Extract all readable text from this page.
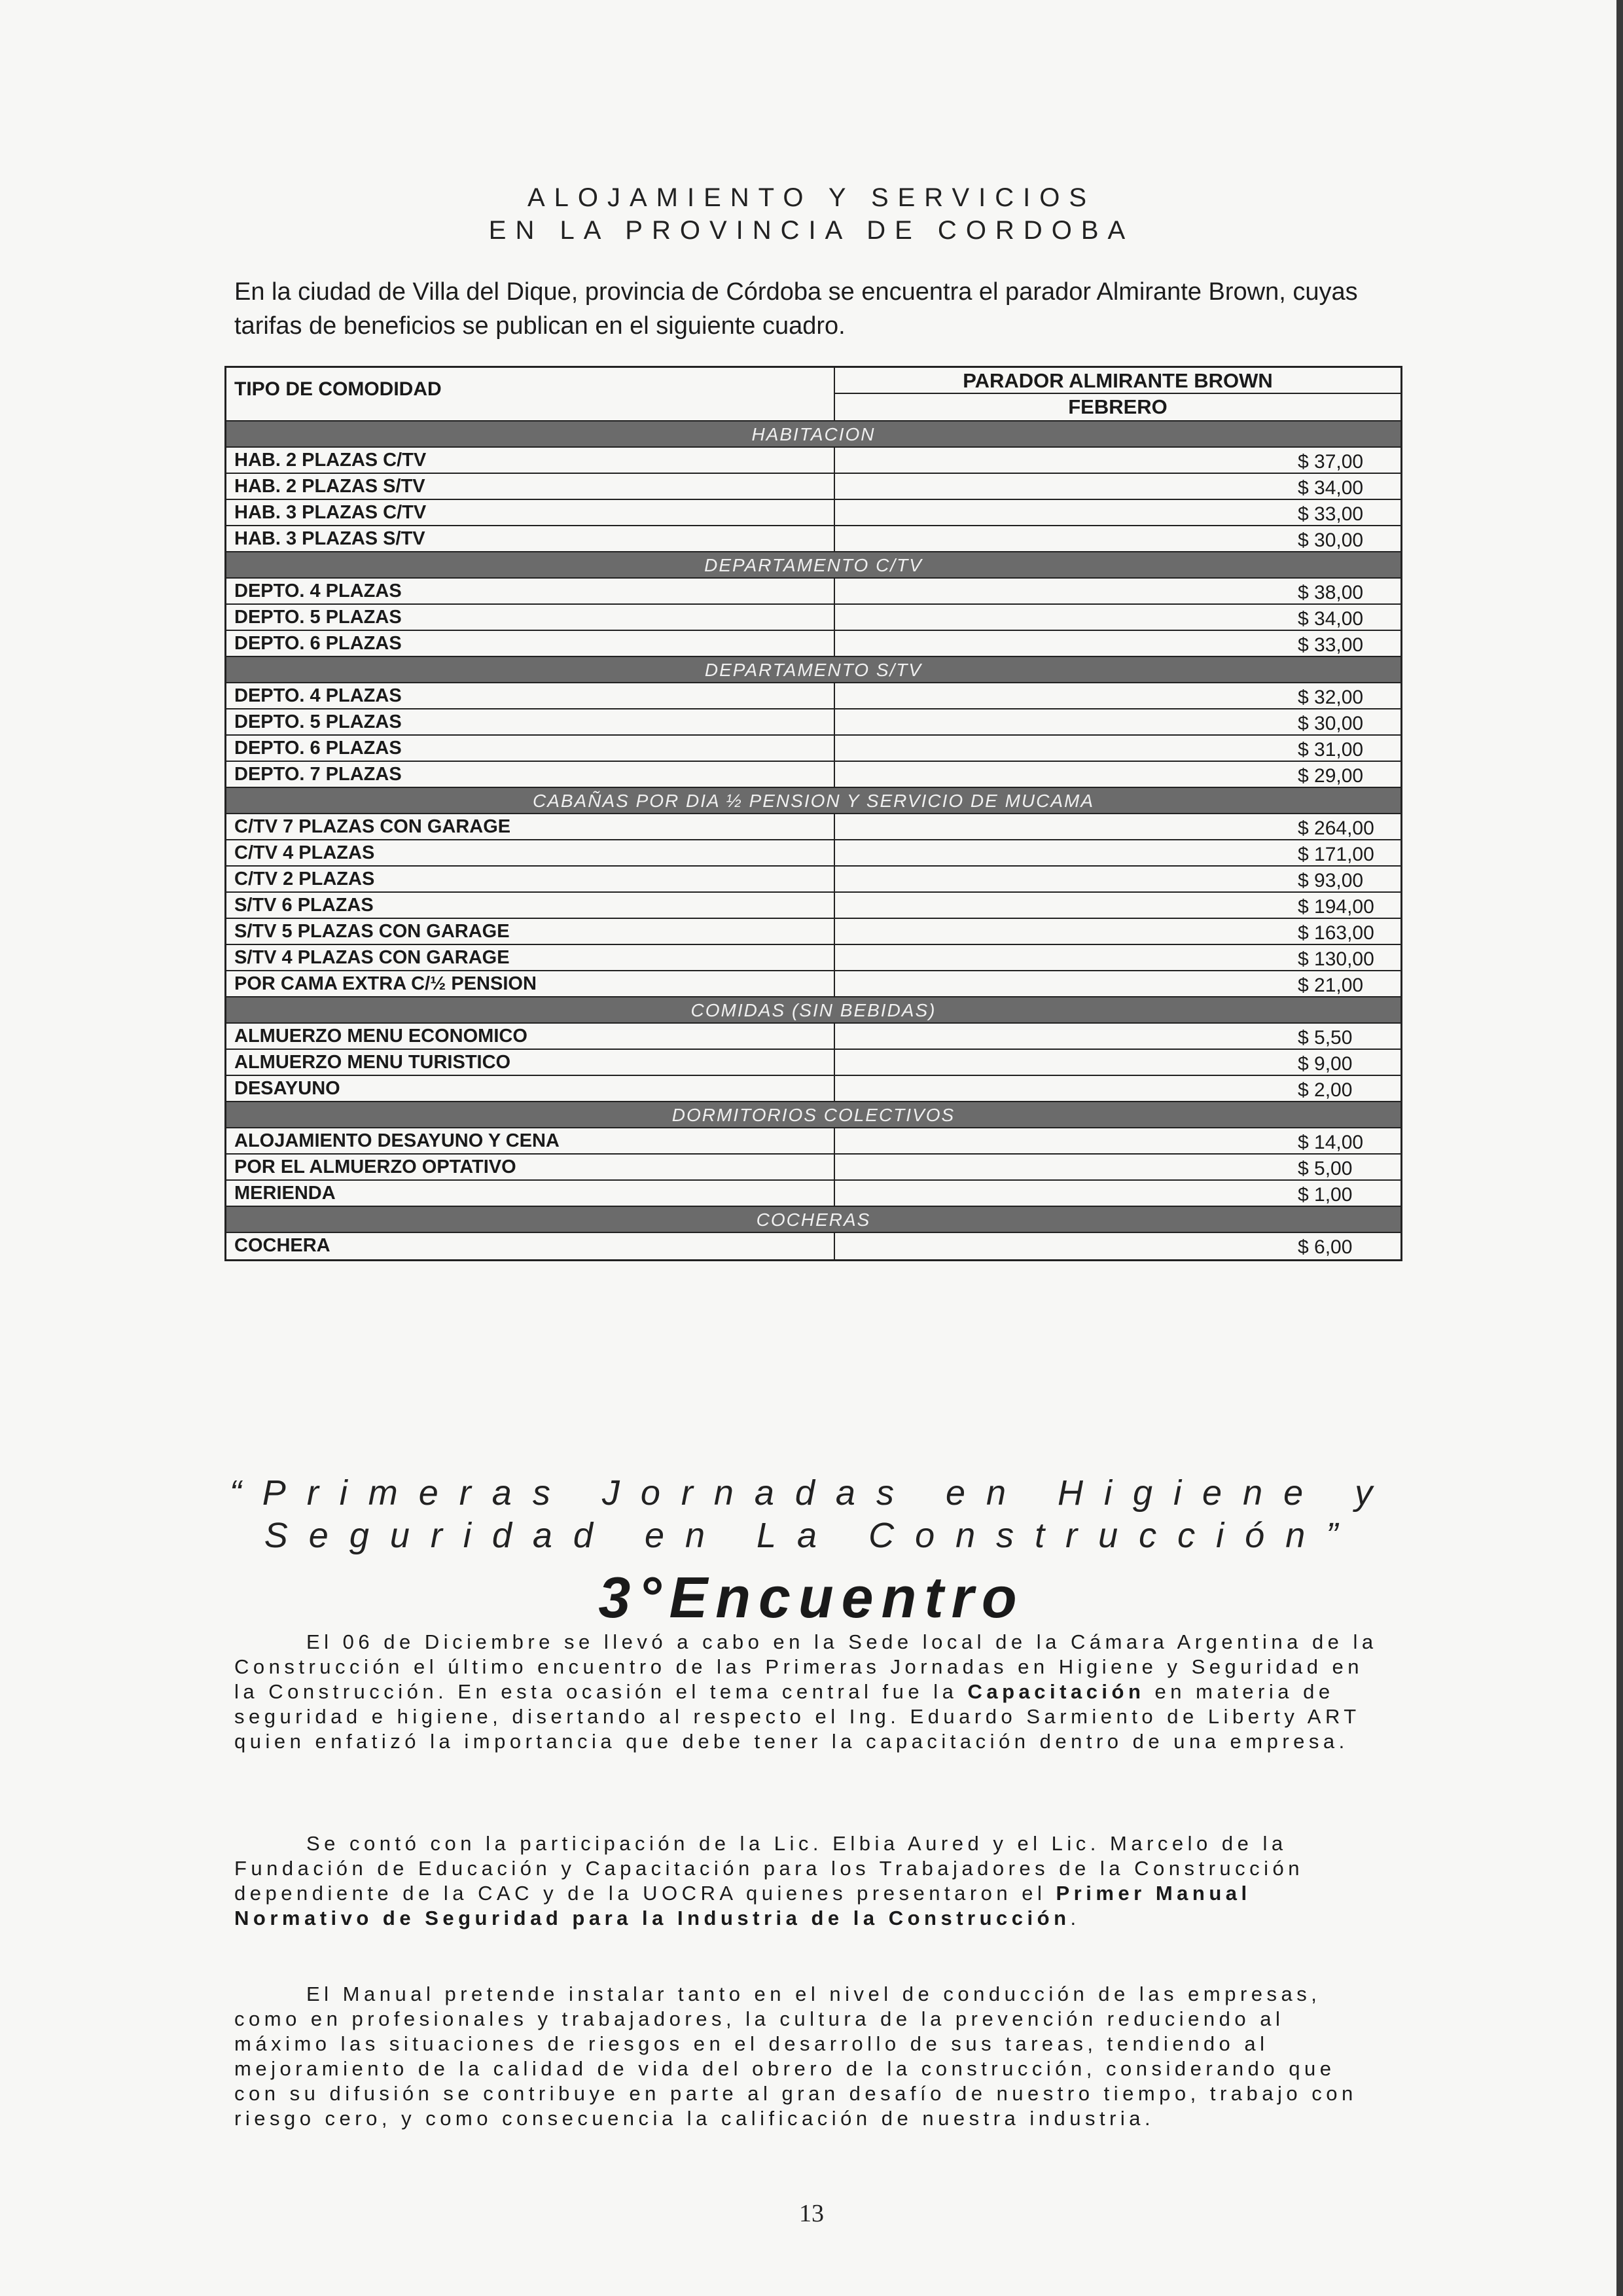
ALOJAMIENTO Y SERVICIOS
EN LA PROVINCIA DE CORDOBA
En la ciudad de Villa del Dique, provincia de Córdoba se encuentra el parador Almirante Brown, cuyas tarifas de beneficios se publican en el siguiente cuadro.
TIPO DE COMODIDAD	PARADOR ALMIRANTE BROWN
FEBRERO
HABITACION
HAB. 2 PLAZAS C/TV	$ 37,00
HAB. 2 PLAZAS S/TV	$ 34,00
HAB. 3 PLAZAS C/TV	$ 33,00
HAB. 3 PLAZAS S/TV	$ 30,00
DEPARTAMENTO C/TV
DEPTO. 4 PLAZAS	$ 38,00
DEPTO. 5 PLAZAS	$ 34,00
DEPTO. 6 PLAZAS	$ 33,00
DEPARTAMENTO S/TV
DEPTO. 4 PLAZAS	$ 32,00
DEPTO. 5 PLAZAS	$ 30,00
DEPTO. 6 PLAZAS	$ 31,00
DEPTO. 7 PLAZAS	$ 29,00
CABAÑAS POR DIA ½ PENSION Y SERVICIO DE MUCAMA
C/TV 7 PLAZAS CON GARAGE	$ 264,00
C/TV 4 PLAZAS	$ 171,00
C/TV 2 PLAZAS	$ 93,00
S/TV 6 PLAZAS	$ 194,00
S/TV 5 PLAZAS CON GARAGE	$ 163,00
S/TV 4 PLAZAS CON GARAGE	$ 130,00
POR CAMA EXTRA C/½ PENSION	$ 21,00
COMIDAS (SIN BEBIDAS)
ALMUERZO MENU ECONOMICO	$ 5,50
ALMUERZO MENU TURISTICO	$ 9,00
DESAYUNO	$ 2,00
DORMITORIOS COLECTIVOS
ALOJAMIENTO DESAYUNO Y CENA	$ 14,00
POR EL ALMUERZO OPTATIVO	$ 5,00
MERIENDA	$ 1,00
COCHERAS
COCHERA	$ 6,00
“Primeras Jornadas en Higiene y
Seguridad en La Construcción”
3°Encuentro
El 06 de Diciembre se llevó a cabo en la Sede local de la Cámara Argentina de la Construcción el último encuentro de las Primeras Jornadas en Higiene y Seguridad en la Construcción. En esta ocasión el tema central fue la Capacitación en materia de seguridad e higiene, disertando al respecto el Ing. Eduardo Sarmiento de Liberty ART quien enfatizó la importancia que debe tener la capacitación dentro de una empresa.
Se contó con la participación de la Lic. Elbia Aured y el Lic. Marcelo de la Fundación de Educación y Capacitación para los Trabajadores de la Construcción dependiente de la CAC y de la UOCRA quienes presentaron el Primer Manual Normativo de Seguridad para la Industria de la Construcción.
El Manual pretende instalar tanto en el nivel de conducción de las empresas, como en profesionales y trabajadores, la cultura de la prevención reduciendo al máximo las situaciones de riesgos en el desarrollo de sus tareas, tendiendo al mejoramiento de la calidad de vida del obrero de la construcción, considerando que con su difusión se contribuye en parte al gran desafío de nuestro tiempo, trabajo con riesgo cero, y como consecuencia la calificación de nuestra industria.
13
